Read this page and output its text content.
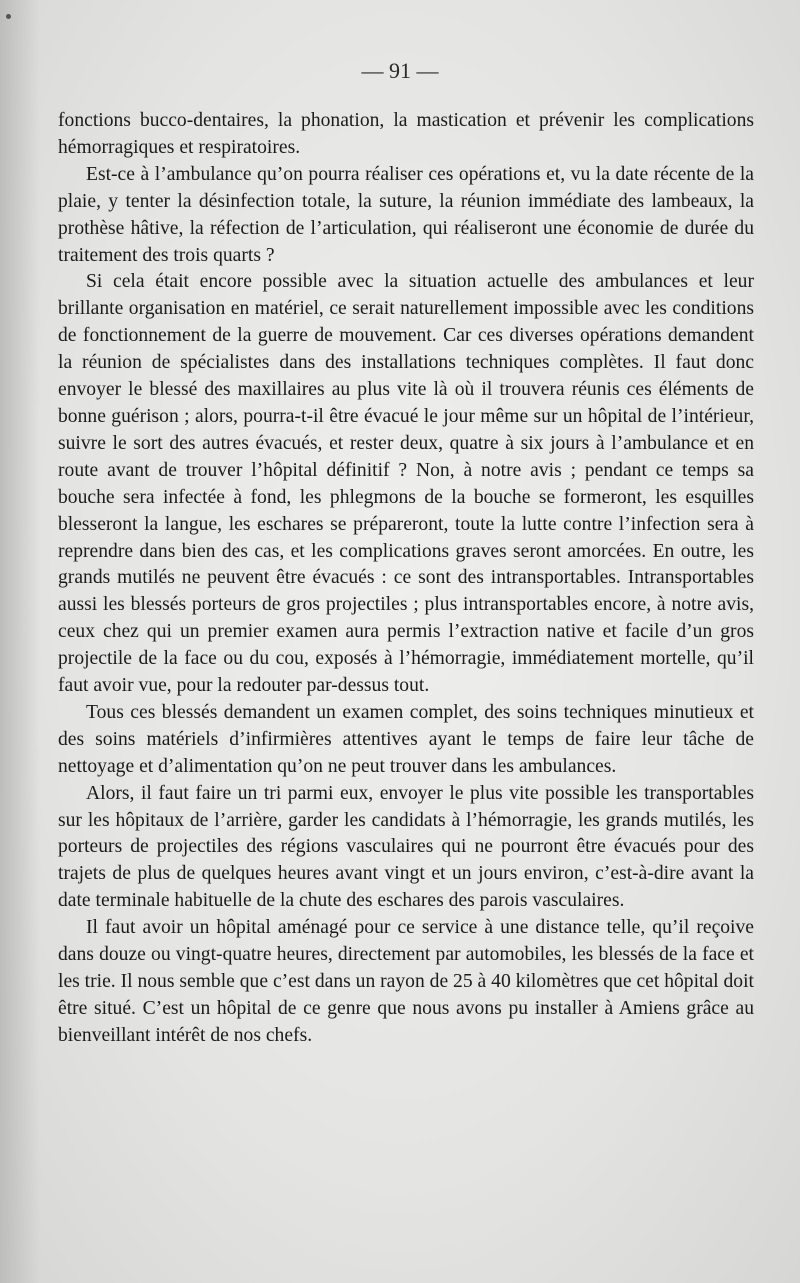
— 91 —

fonctions bucco-dentaires, la phonation, la mastication et prévenir les complications hémorragiques et respiratoires.

Est-ce à l’ambulance qu’on pourra réaliser ces opérations et, vu la date récente de la plaie, y tenter la désinfection totale, la suture, la réunion immédiate des lambeaux, la prothèse hâtive, la réfection de l’articulation, qui réaliseront une économie de durée du traitement des trois quarts ?

Si cela était encore possible avec la situation actuelle des ambulances et leur brillante organisation en matériel, ce serait naturellement impossible avec les conditions de fonctionnement de la guerre de mouvement. Car ces diverses opérations demandent la réunion de spécialistes dans des installations techniques complètes. Il faut donc envoyer le blessé des maxillaires au plus vite là où il trouvera réunis ces éléments de bonne guérison ; alors, pourra-t-il être évacué le jour même sur un hôpital de l’intérieur, suivre le sort des autres évacués, et rester deux, quatre à six jours à l’ambulance et en route avant de trouver l’hôpital définitif ? Non, à notre avis ; pendant ce temps sa bouche sera infectée à fond, les phlegmons de la bouche se formeront, les esquilles blesseront la langue, les eschares se prépareront, toute la lutte contre l’infection sera à reprendre dans bien des cas, et les complications graves seront amorcées. En outre, les grands mutilés ne peuvent être évacués : ce sont des intransportables. Intransportables aussi les blessés porteurs de gros projectiles ; plus intransportables encore, à notre avis, ceux chez qui un premier examen aura permis l’extraction native et facile d’un gros projectile de la face ou du cou, exposés à l’hémorragie, immédiatement mortelle, qu’il faut avoir vue, pour la redouter par-dessus tout.

Tous ces blessés demandent un examen complet, des soins techniques minutieux et des soins matériels d’infirmières attentives ayant le temps de faire leur tâche de nettoyage et d’alimentation qu’on ne peut trouver dans les ambulances.

Alors, il faut faire un tri parmi eux, envoyer le plus vite possible les transportables sur les hôpitaux de l’arrière, garder les candidats à l’hémorragie, les grands mutilés, les porteurs de projectiles des régions vasculaires qui ne pourront être évacués pour des trajets de plus de quelques heures avant vingt et un jours environ, c’est-à-dire avant la date terminale habituelle de la chute des eschares des parois vasculaires.

Il faut avoir un hôpital aménagé pour ce service à une distance telle, qu’il reçoive dans douze ou vingt-quatre heures, directement par automobiles, les blessés de la face et les trie. Il nous semble que c’est dans un rayon de 25 à 40 kilomètres que cet hôpital doit être situé. C’est un hôpital de ce genre que nous avons pu installer à Amiens grâce au bienveillant intérêt de nos chefs.
